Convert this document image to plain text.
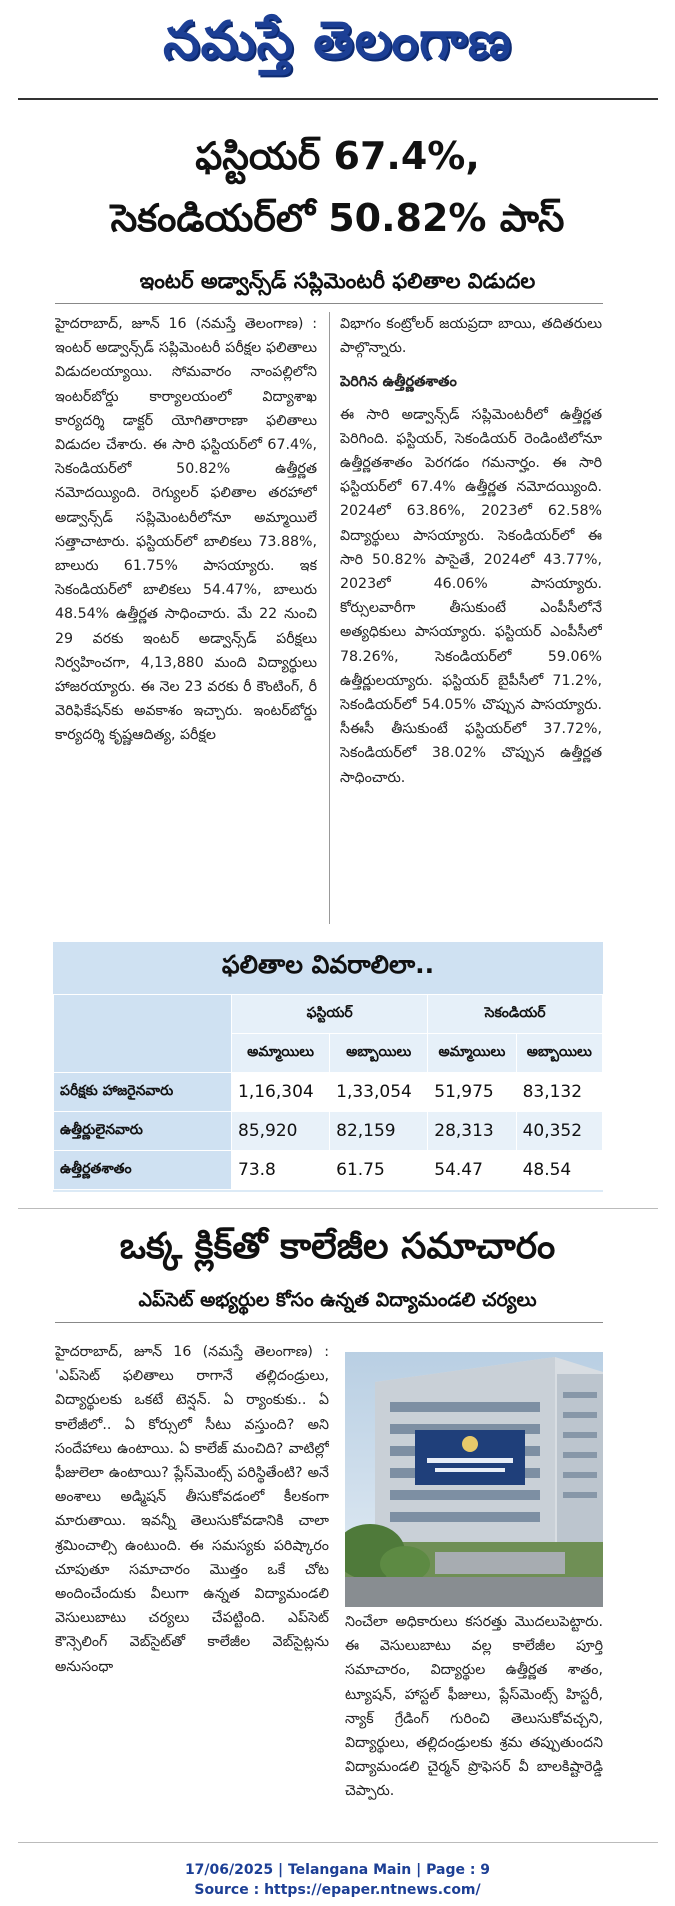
నమస్తే తెలంగాణ
ఫస్టియర్ 67.4%,
సెకండియర్‌లో 50.82% పాస్
ఇంటర్ అడ్వాన్స్‌డ్ సప్లిమెంటరీ ఫలితాల విడుదల

హైదరాబాద్, జూన్ 16 (నమస్తే తెలంగాణ) : ఇంటర్ అడ్వాన్స్‌డ్ సప్లిమెంటరీ పరీక్షల ఫలితాలు విడుదలయ్యాయి. సోమవారం నాంపల్లిలోని ఇంటర్‌బోర్డు కార్యాలయంలో విద్యాశాఖ కార్యదర్శి డాక్టర్ యోగితారాణా ఫలితాలు విడుదల చేశారు. ఈ సారి ఫస్టియర్‌లో 67.4%, సెకండియర్‌లో 50.82% ఉత్తీర్ణత నమోదయ్యింది. రెగ్యులర్ ఫలితాల తరహాలో అడ్వాన్స్‌డ్ సప్లిమెంటరీలోనూ అమ్మాయిలే సత్తాచాటారు. ఫస్టియర్‌లో బాలికలు 73.88%, బాలురు 61.75% పాసయ్యారు. ఇక సెకండియర్‌లో బాలికలు 54.47%, బాలురు 48.54% ఉత్తీర్ణత సాధించారు. మే 22 నుంచి 29 వరకు ఇంటర్ అడ్వాన్స్‌డ్ పరీక్షలు నిర్వహించగా, 4,13,880 మంది విద్యార్థులు హాజరయ్యారు. ఈ నెల 23 వరకు రీ కౌంటింగ్, రీ వెరిఫికేషన్‌కు అవకాశం ఇచ్చారు. ఇంటర్‌బోర్డు కార్యదర్శి కృష్ణఆదిత్య, పరీక్షల

విభాగం కంట్రోలర్ జయప్రదా బాయి, తదితరులు పాల్గొన్నారు.

పెరిగిన ఉత్తీర్ణతశాతం

ఈ సారి అడ్వాన్స్‌డ్ సప్లిమెంటరీలో ఉత్తీర్ణత పెరిగింది. ఫస్టియర్, సెకండియర్ రెండింటిలోనూ ఉత్తీర్ణతశాతం పెరగడం గమనార్హం. ఈ సారి ఫస్టియర్‌లో 67.4% ఉత్తీర్ణత నమోదయ్యింది. 2024లో 63.86%, 2023లో 62.58% విద్యార్థులు పాసయ్యారు. సెకండియర్‌లో ఈ సారి 50.82% పాసైతే, 2024లో 43.77%, 2023లో 46.06% పాసయ్యారు. కోర్సులవారీగా తీసుకుంటే ఎంపీసీలోనే అత్యధికులు పాసయ్యారు. ఫస్టియర్ ఎంపీసీలో 78.26%, సెకండియర్‌లో 59.06% ఉత్తీర్ణులయ్యారు. ఫస్టియర్ బైపీసీలో 71.2%, సెకండియర్‌లో 54.05% చొప్పున పాసయ్యారు. సీఈసీ తీసుకుంటే ఫస్టియర్‌లో 37.72%, సెకండియర్‌లో 38.02% చొప్పున ఉత్తీర్ణత సాధించారు.

ఫలితాల వివరాలిలా..
	ఫస్టియర్		సెకండియర్	
	అమ్మాయిలు	అబ్బాయిలు	అమ్మాయిలు	అబ్బాయిలు
పరీక్షకు హాజరైనవారు	1,16,304	1,33,054	51,975	83,132
ఉత్తీర్ణులైనవారు	85,920	82,159	28,313	40,352
ఉత్తీర్ణతశాతం	73.8	61.75	54.47	48.54
ఒక్క క్లిక్‌తో కాలేజీల సమాచారం
ఎప్‌సెట్ అభ్యర్థుల కోసం ఉన్నత విద్యామండలి చర్యలు

హైదరాబాద్, జూన్ 16 (నమస్తే తెలంగాణ) : 'ఎప్‌సెట్ ఫలితాలు రాగానే తల్లిదండ్రులు, విద్యార్థులకు ఒకటే టెన్షన్. ఏ ర్యాంకుకు.. ఏ కాలేజీలో.. ఏ కోర్సులో సీటు వస్తుంది? అని సందేహాలు ఉంటాయి. ఏ కాలేజ్ మంచిది? వాటిల్లో ఫీజులెలా ఉంటాయి? ప్లేస్‌మెంట్స్ పరిస్థితేంటి? అనే అంశాలు అడ్మిషన్ తీసుకోవడంలో కీలకంగా మారుతాయి. ఇవన్నీ తెలుసుకోవడానికి చాలా శ్రమించాల్సి ఉంటుంది. ఈ సమస్యకు పరిష్కారం చూపుతూ సమాచారం మొత్తం ఒకే చోట అందించేందుకు వీలుగా ఉన్నత విద్యామండలి వెసులుబాటు చర్యలు చేపట్టింది. ఎప్‌సెట్ కౌన్సెలింగ్ వెబ్‌సైట్‌తో కాలేజీల వెబ్‌సైట్లను అనుసంధా

నించేలా అధికారులు కసరత్తు మొదలుపెట్టారు. ఈ వెసులుబాటు వల్ల కాలేజీల పూర్తి సమాచారం, విద్యార్థుల ఉత్తీర్ణత శాతం, ట్యూషన్, హాస్టల్ ఫీజులు, ప్లేస్‌మెంట్స్ హిస్టరీ, న్యాక్ గ్రేడింగ్ గురించి తెలుసుకోవచ్చని, విద్యార్థులు, తల్లిదండ్రులకు శ్రమ తప్పుతుందని విద్యామండలి చైర్మన్ ప్రొఫెసర్ వీ బాలకిష్టారెడ్డి చెప్పారు.

17/06/2025 | Telangana Main | Page : 9
Source : https://epaper.ntnews.com/
